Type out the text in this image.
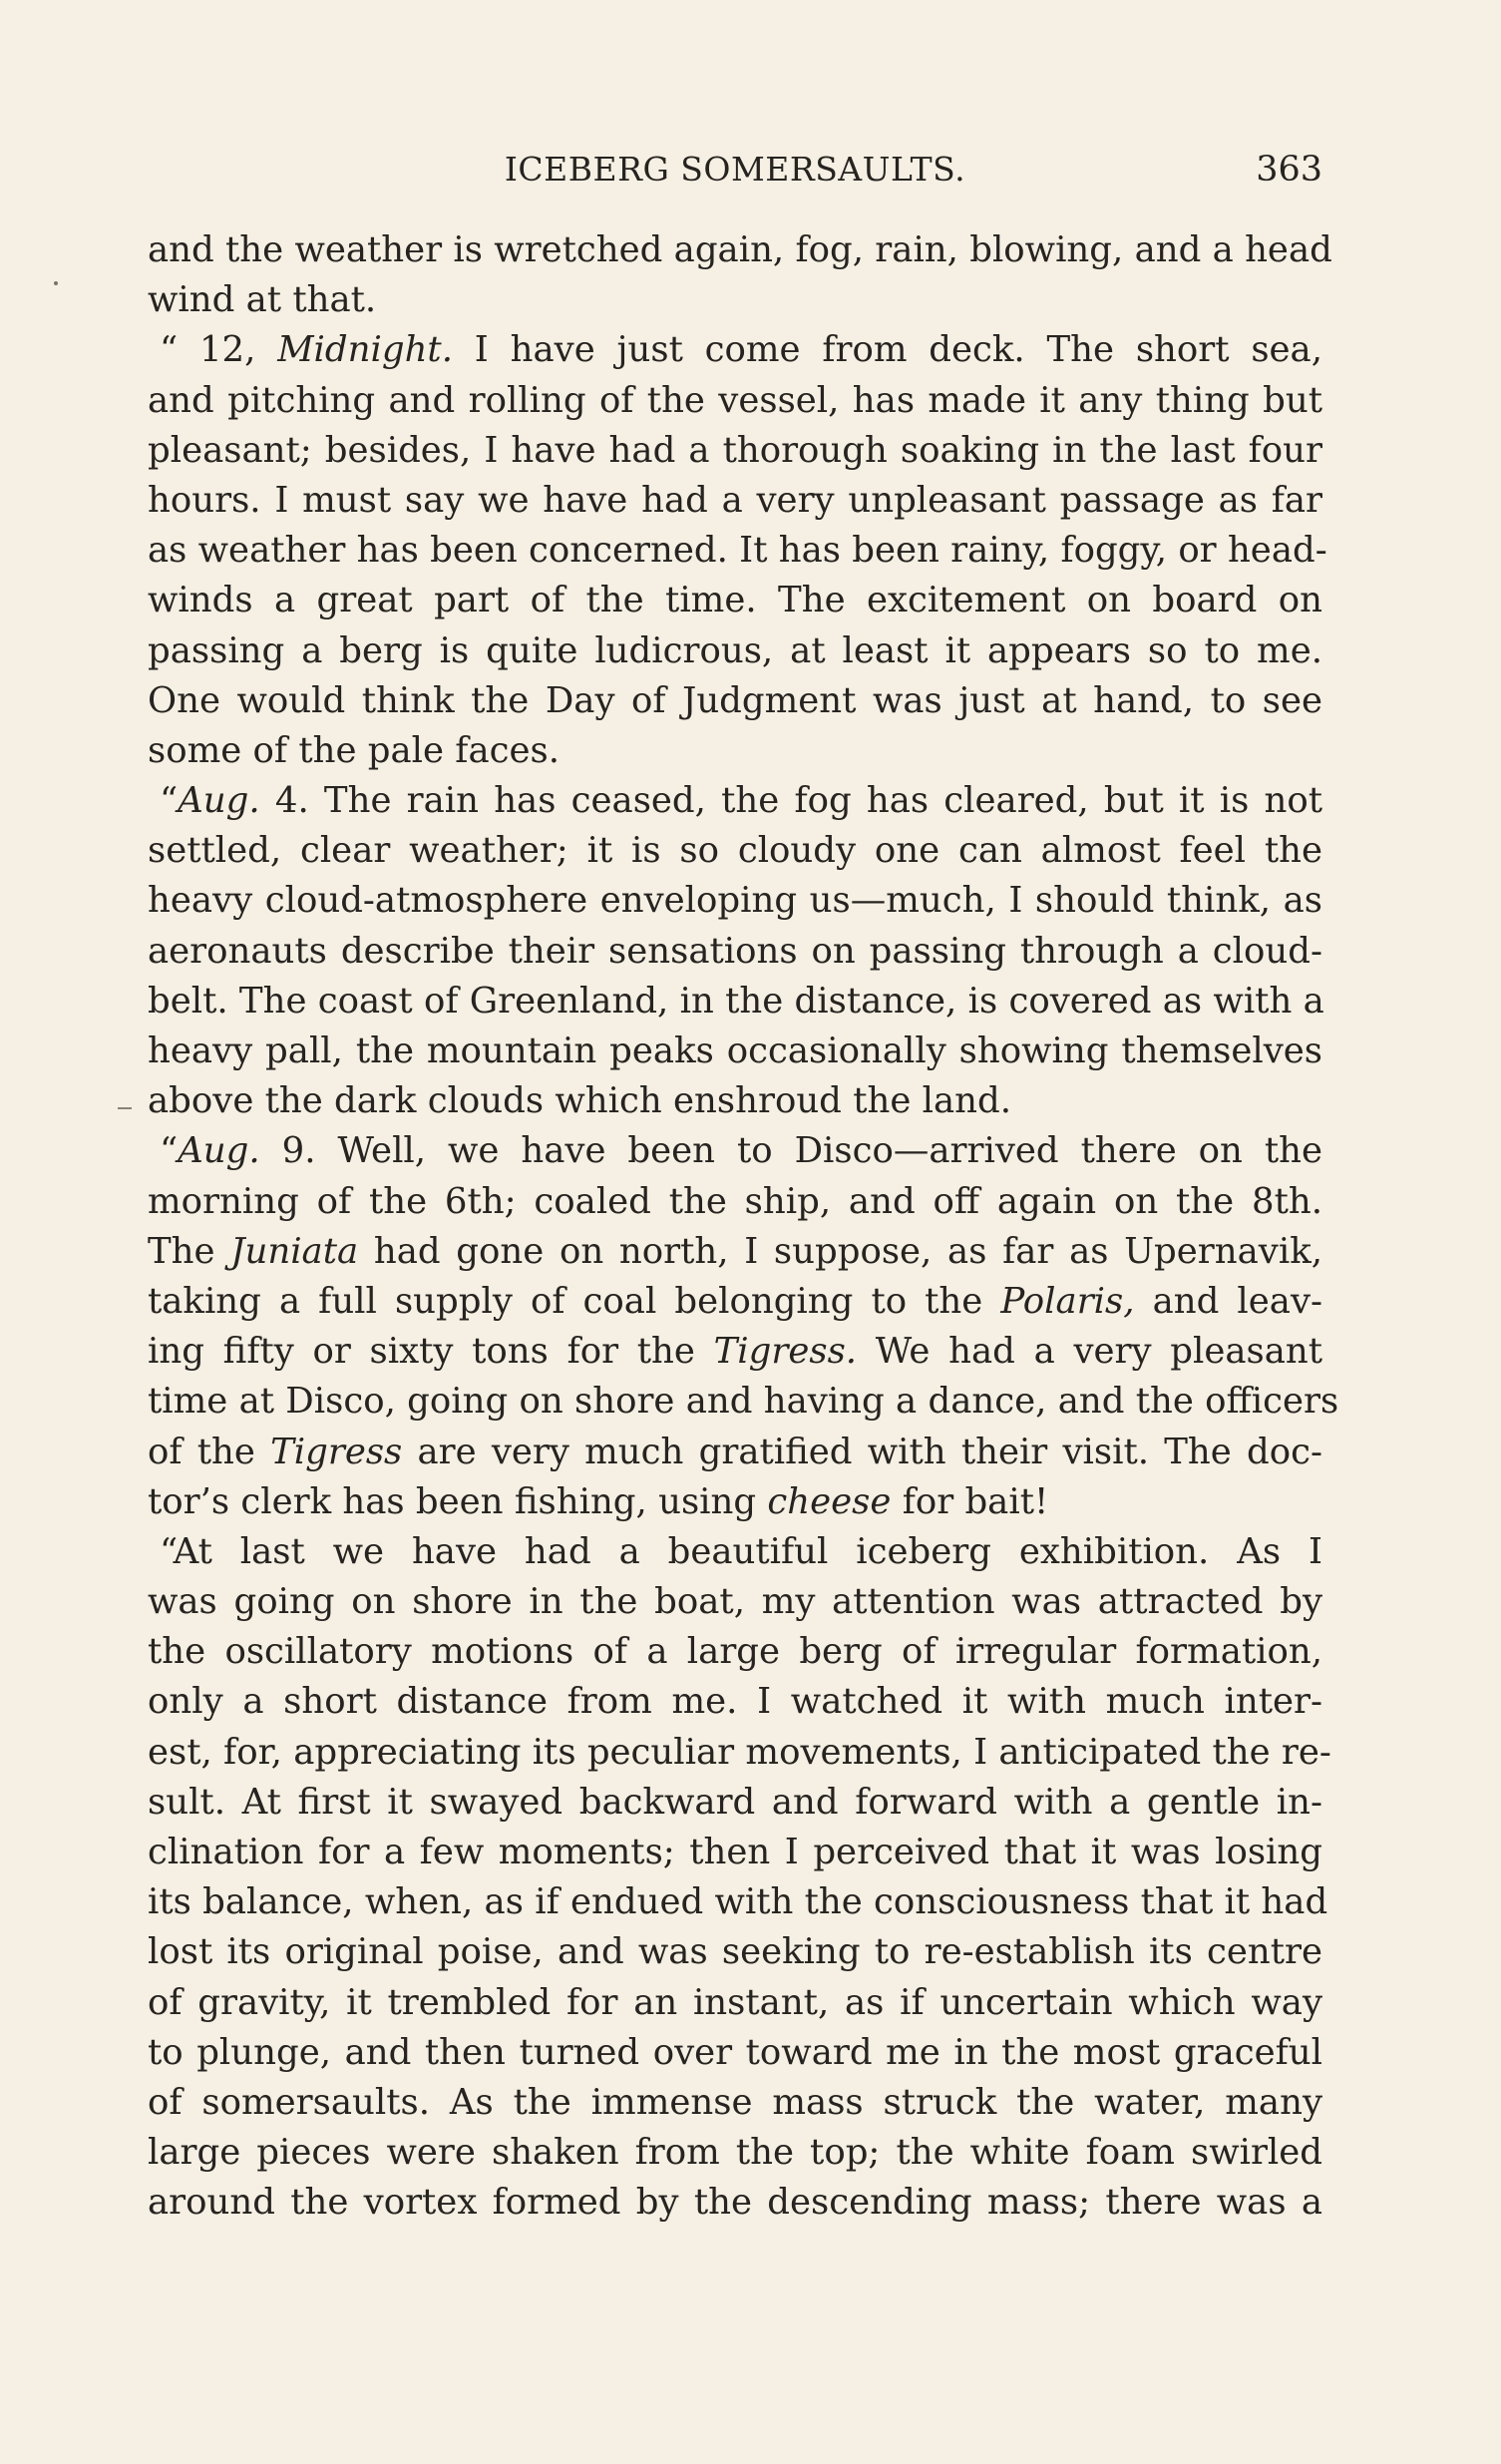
ICEBERG SOMERSAULTS.	363
and the weather is wretched again, fog, rain, blowing, and a head
wind at that.
“ 12, Midnight. I have just come from deck. The short sea,
and pitching and rolling of the vessel, has made it any thing but
pleasant; besides, I have had a thorough soaking in the last four
hours. I must say we have had a very unpleasant passage as far
as weather has been concerned. It has been rainy, foggy, or head-
winds a great part of the time. The excitement on board on
passing a berg is quite ludicrous, at least it appears so to me.
One would think the Day of Judgment was just at hand, to see
some of the pale faces.
“Aug. 4. The rain has ceased, the fog has cleared, but it is not
settled, clear weather; it is so cloudy one can almost feel the
heavy cloud-atmosphere enveloping us—much, I should think, as
aeronauts describe their sensations on passing through a cloud-
belt. The coast of Greenland, in the distance, is covered as with a
heavy pall, the mountain peaks occasionally showing themselves
above the dark clouds which enshroud the land.
“Aug. 9. Well, we have been to Disco—arrived there on the
morning of the 6th; coaled the ship, and off again on the 8th.
The Juniata had gone on north, I suppose, as far as Upernavik,
taking a full supply of coal belonging to the Polaris, and leav-
ing fifty or sixty tons for the Tigress. We had a very pleasant
time at Disco, going on shore and having a dance, and the officers
of the Tigress are very much gratified with their visit. The doc-
tor’s clerk has been fishing, using cheese for bait!
“At last we have had a beautiful iceberg exhibition. As I
was going on shore in the boat, my attention was attracted by
the oscillatory motions of a large berg of irregular formation,
only a short distance from me. I watched it with much inter-
est, for, appreciating its peculiar movements, I anticipated the re-
sult. At first it swayed backward and forward with a gentle in-
clination for a few moments; then I perceived that it was losing
its balance, when, as if endued with the consciousness that it had
lost its original poise, and was seeking to re-establish its centre
of gravity, it trembled for an instant, as if uncertain which way
to plunge, and then turned over toward me in the most graceful
of somersaults. As the immense mass struck the water, many
large pieces were shaken from the top; the white foam swirled
around the vortex formed by the descending mass; there was a
